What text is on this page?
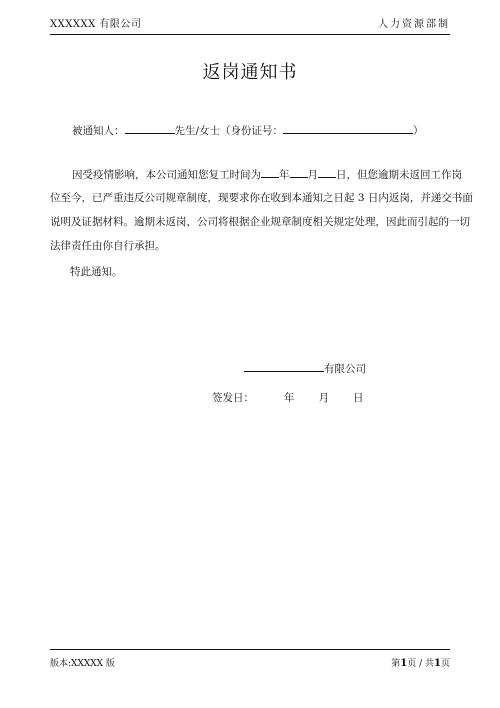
XXXXXX 有限公司	人力资源部制
返岗通知书
被通知人：	先生/女士（身份证号：	）
因受疫情影响，本公司通知您复工时间为 年 月 日，但您逾期未返回工作岗
位至今，已严重违反公司规章制度，现要求你在收到本通知之日起 3 日内返岗，并递交书面
说明及证据材料。逾期未返岗，公司将根据企业规章制度相关规定处理，因此而引起的一切
法律责任由你自行承担。
特此通知。
有限公司
签发日：	年 月 日
版本:XXXXX 版	第1页 / 共1页
